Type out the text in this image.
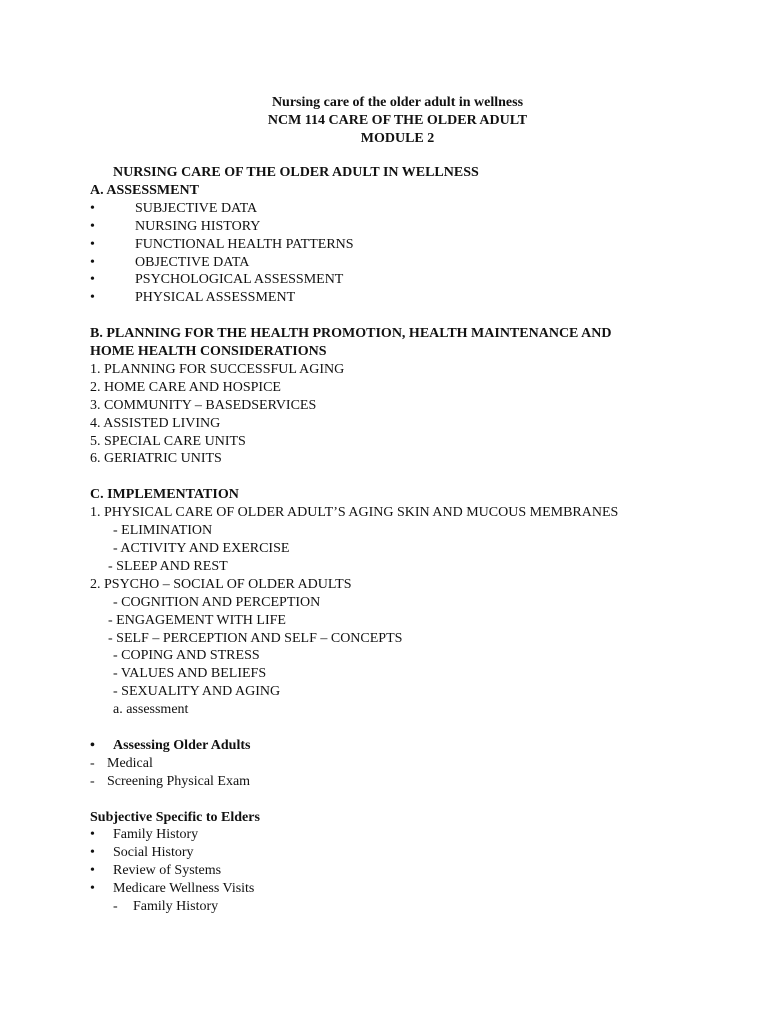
Nursing care of the older adult in wellness
NCM 114 CARE OF THE OLDER ADULT
MODULE 2
NURSING CARE OF THE OLDER ADULT IN WELLNESS
A. ASSESSMENT
•	SUBJECTIVE DATA
•	NURSING HISTORY
•	FUNCTIONAL HEALTH PATTERNS
•	OBJECTIVE DATA
•	PSYCHOLOGICAL ASSESSMENT
•	PHYSICAL ASSESSMENT
B. PLANNING FOR THE HEALTH PROMOTION, HEALTH MAINTENANCE AND
HOME HEALTH CONSIDERATIONS
1. PLANNING FOR SUCCESSFUL AGING
2. HOME CARE AND HOSPICE
3. COMMUNITY – BASEDSERVICES
4. ASSISTED LIVING
5. SPECIAL CARE UNITS
6. GERIATRIC UNITS
C. IMPLEMENTATION
1. PHYSICAL CARE OF OLDER ADULT’S AGING SKIN AND MUCOUS MEMBRANES
- ELIMINATION
- ACTIVITY AND EXERCISE
- SLEEP AND REST
2. PSYCHO – SOCIAL OF OLDER ADULTS
- COGNITION AND PERCEPTION
- ENGAGEMENT WITH LIFE
- SELF – PERCEPTION AND SELF – CONCEPTS
- COPING AND STRESS
- VALUES AND BELIEFS
- SEXUALITY AND AGING
a. assessment
•	Assessing Older Adults
- Medical
- Screening Physical Exam
Subjective Specific to Elders
•	Family History
•	Social History
•	Review of Systems
•	Medicare Wellness Visits
-	Family History
